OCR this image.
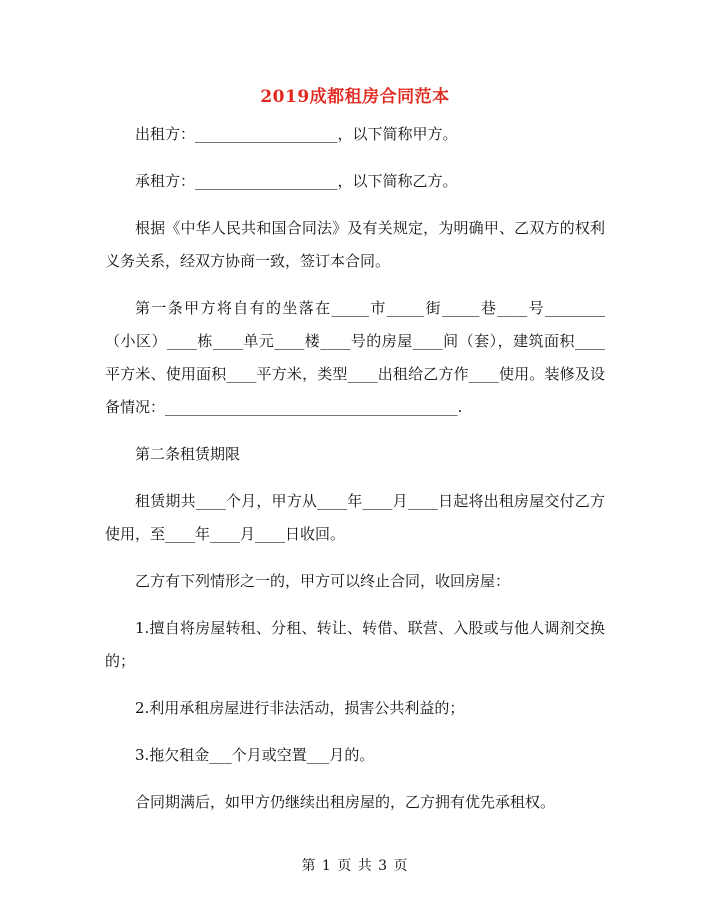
2019成都租房合同范本

出租方：___________________，以下简称甲方。

承租方：___________________，以下简称乙方。

根据《中华人民共和国合同法》及有关规定，为明确甲、乙双方的权利义务关系，经双方协商一致，签订本合同。

第一条甲方将自有的坐落在_____市_____街_____巷____号________（小区）____栋____单元____楼____号的房屋____间（套），建筑面积____平方米、使用面积____平方米，类型____出租给乙方作____使用。装修及设备情况：_______________________________________.

第二条租赁期限

租赁期共____个月，甲方从____年____月____日起将出租房屋交付乙方使用，至____年____月____日收回。

乙方有下列情形之一的，甲方可以终止合同，收回房屋：

1.擅自将房屋转租、分租、转让、转借、联营、入股或与他人调剂交换的；

2.利用承租房屋进行非法活动，损害公共利益的；

3.拖欠租金___个月或空置___月的。

合同期满后，如甲方仍继续出租房屋的，乙方拥有优先承租权。

第 1 页 共 3 页
